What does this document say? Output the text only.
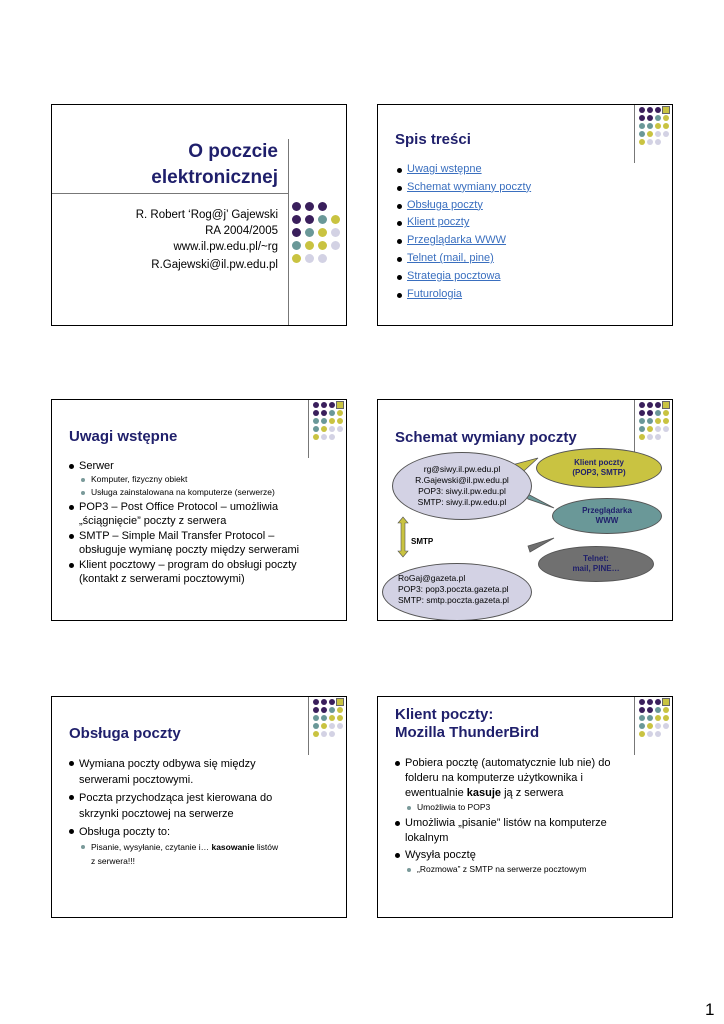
O poczcie
elektronicznej
R. Robert ‘Rog@j’ Gajewski
RA 2004/2005
www.il.pw.edu.pl/~rg
R.Gajewski@il.pw.edu.pl
Spis treści
Uwagi wstępne
Schemat wymiany poczty
Obsługa poczty
Klient poczty
Przeglądarka WWW
Telnet (mail, pine)
Strategia pocztowa
Futurologia
Uwagi wstępne
Serwer
Komputer, fizyczny obiekt
Usługa zainstalowana na komputerze (serwerze)
POP3 – Post Office Protocol – umożliwia
„ściągnięcie” poczty z serwera
SMTP – Simple Mail Transfer Protocol –
obsługuje wymianę poczty między serwerami
Klient pocztowy – program do obsługi poczty
(kontakt z serwerami pocztowymi)
Schemat wymiany poczty
rg@siwy.il.pw.edu.pl
R.Gajewski@il.pw.edu.pl
POP3: siwy.il.pw.edu.pl
SMTP: siwy.il.pw.edu.pl
SMTP
RoGaj@gazeta.pl
POP3: pop3.poczta.gazeta.pl
SMTP: smtp.poczta.gazeta.pl
Klient poczty
(POP3, SMTP)
Przeglądarka
WWW
Telnet:
mail, PINE…
Obsługa poczty
Wymiana poczty odbywa się między
serwerami pocztowymi.
Poczta przychodząca jest kierowana do
skrzynki pocztowej na serwerze
Obsługa poczty to:
Pisanie, wysyłanie, czytanie i… kasowanie listów
z serwera!!!
Klient poczty:
Mozilla ThunderBird
Pobiera pocztę (automatycznie lub nie) do
folderu na komputerze użytkownika i
ewentualnie kasuje ją z serwera
Umożliwia to POP3
Umożliwia „pisanie” listów na komputerze
lokalnym
Wysyła pocztę
„Rozmowa” z SMTP na serwerze pocztowym
1
